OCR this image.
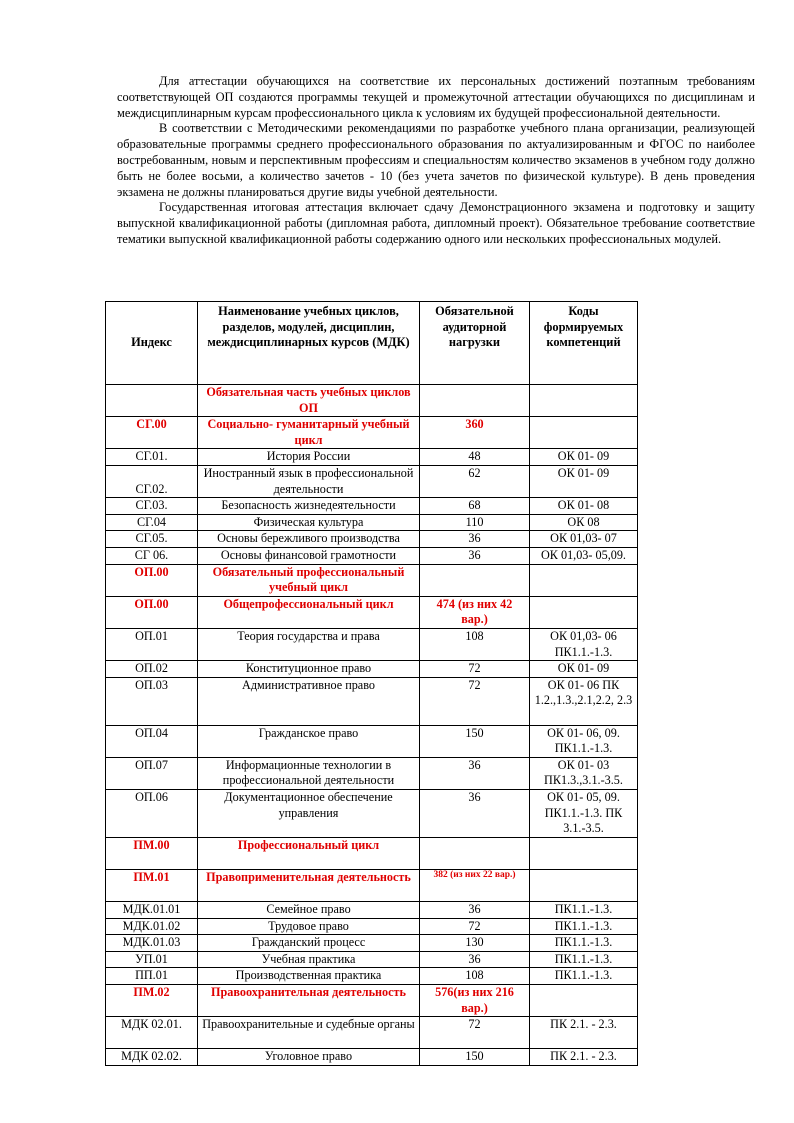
Для аттестации обучающихся на соответствие их персональных достижений поэтапным требованиям соответствующей ОП создаются программы текущей и промежуточной аттестации обучающихся по дисциплинам и междисциплинарным курсам профессионального цикла к условиям их будущей профессиональной деятельности.

В соответствии с Методическими рекомендациями по разработке учебного плана организации, реализующей образовательные программы среднего профессионального образования по актуализированным и ФГОС по наиболее востребованным, новым и перспективным профессиям и специальностям количество экзаменов в учебном году должно быть не более восьми, а количество зачетов - 10 (без учета зачетов по физической культуре). В день проведения экзамена не должны планироваться другие виды учебной деятельности.

Государственная итоговая аттестация включает сдачу Демонстрационного экзамена и подготовку и защиту выпускной квалификационной работы (дипломная работа, дипломный проект). Обязательное требование соответствие тематики выпускной квалификационной работы содержанию одного или нескольких профессиональных модулей.

Индекс	Наименование учебных циклов, разделов, модулей, дисциплин, междисциплинарных курсов (МДК)	Обязательной аудиторной нагрузки	Коды формируемых компетенций
	Обязательная часть учебных циклов ОП		
СГ.00	Социально- гуманитарный учебный цикл	360	
СГ.01.	История России	48	ОК 01- 09
СГ.02.	Иностранный язык в профессиональной деятельности	62	ОК 01- 09
СГ.03.	Безопасность жизнедеятельности	68	ОК 01- 08
СГ.04	Физическая культура	110	ОК 08
СГ.05.	Основы бережливого производства	36	ОК 01,03- 07
СГ 06.	Основы финансовой грамотности	36	ОК 01,03- 05,09.
ОП.00	Обязательный профессиональный учебный цикл		
ОП.00	Общепрофессиональный цикл	474 (из них 42 вар.)	
ОП.01	Теория государства и права	108	ОК 01,03- 06 ПК1.1.-1.3.
ОП.02	Конституционное право	72	ОК 01- 09
ОП.03	Административное право	72	ОК 01- 06 ПК 1.2.,1.3.,2.1,2.2, 2.3
ОП.04	Гражданское право	150	ОК 01- 06, 09. ПК1.1.-1.3.
ОП.07	Информационные технологии в профессиональной деятельности	36	ОК 01- 03 ПК1.3.,3.1.-3.5.
ОП.06	Документационное обеспечение управления	36	ОК 01- 05, 09. ПК1.1.-1.3. ПК 3.1.-3.5.
ПМ.00	Профессиональный цикл		
ПМ.01	Правоприменительная деятельность	382 (из них 22 вар.)	
МДК.01.01	Семейное право	36	ПК1.1.-1.3.
МДК.01.02	Трудовое право	72	ПК1.1.-1.3.
МДК.01.03	Гражданский процесс	130	ПК1.1.-1.3.
УП.01	Учебная практика	36	ПК1.1.-1.3.
ПП.01	Производственная практика	108	ПК1.1.-1.3.
ПМ.02	Правоохранительная деятельность	576(из них 216 вар.)	
МДК 02.01.	Правоохранительные и судебные органы	72	ПК 2.1. - 2.3.
МДК 02.02.	Уголовное право	150	ПК 2.1. - 2.3.
